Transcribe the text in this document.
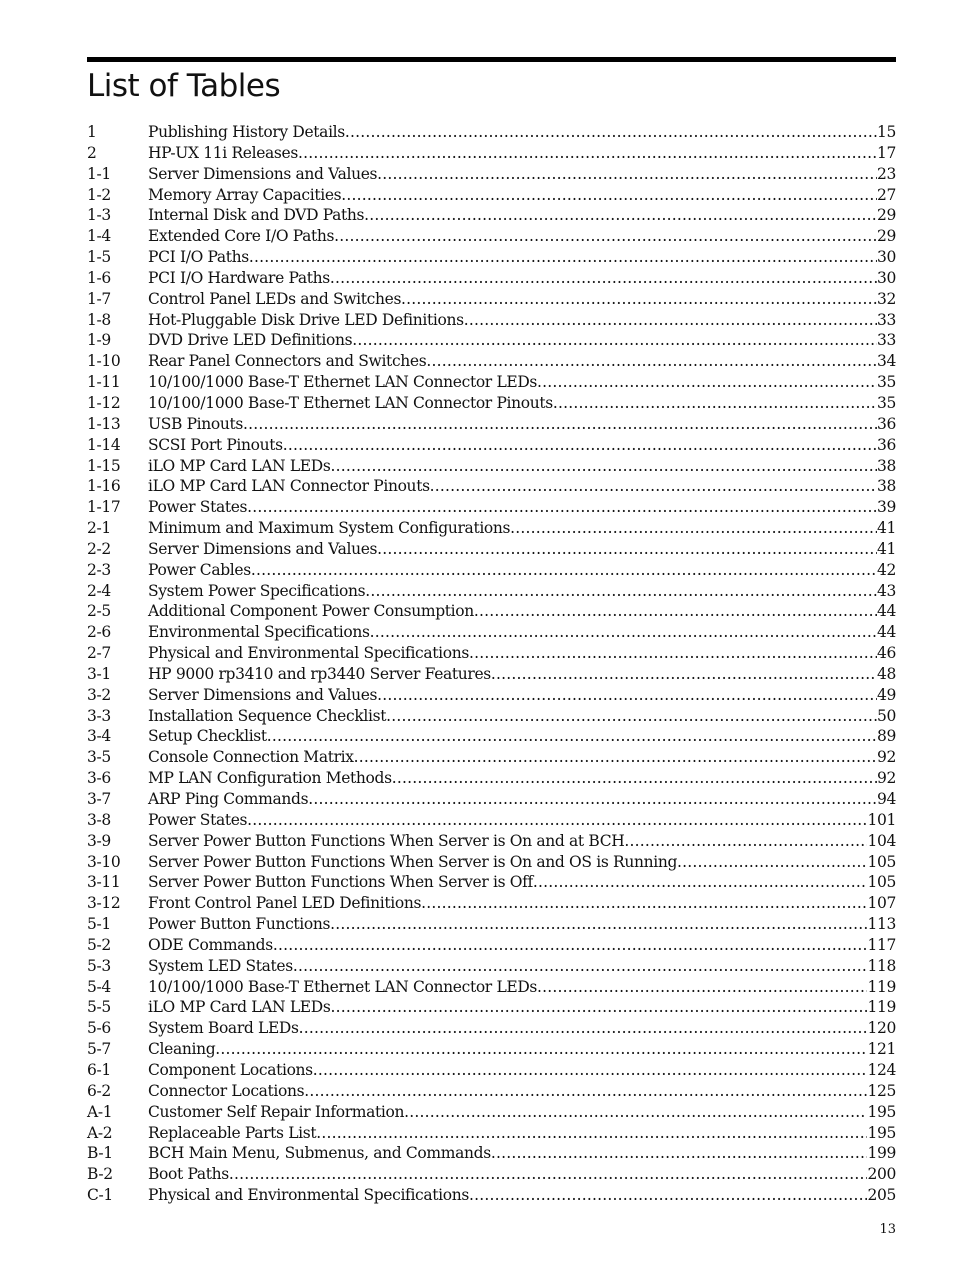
List of Tables
1	Publishing History Details .....	15
2	HP-UX 11i Releases .....	17
1-1	Server Dimensions and Values .....	23
1-2	Memory Array Capacities .....	27
1-3	Internal Disk and DVD Paths .....	29
1-4	Extended Core I/O Paths .....	29
1-5	PCI I/O Paths .....	30
1-6	PCI I/O Hardware Paths .....	30
1-7	Control Panel LEDs and Switches .....	32
1-8	Hot-Pluggable Disk Drive LED Definitions .....	33
1-9	DVD Drive LED Definitions .....	33
1-10	Rear Panel Connectors and Switches .....	34
1-11	10/100/1000 Base-T Ethernet LAN Connector LEDs .....	35
1-12	10/100/1000 Base-T Ethernet LAN Connector Pinouts .....	35
1-13	USB Pinouts .....	36
1-14	SCSI Port Pinouts .....	36
1-15	iLO MP Card LAN LEDs .....	38
1-16	iLO MP Card LAN Connector Pinouts .....	38
1-17	Power States .....	39
2-1	Minimum and Maximum System Configurations .....	41
2-2	Server Dimensions and Values .....	41
2-3	Power Cables .....	42
2-4	System Power Specifications .....	43
2-5	Additional Component Power Consumption .....	44
2-6	Environmental Specifications .....	44
2-7	Physical and Environmental Specifications .....	46
3-1	HP 9000 rp3410 and rp3440 Server Features .....	48
3-2	Server Dimensions and Values .....	49
3-3	Installation Sequence Checklist .....	50
3-4	Setup Checklist .....	89
3-5	Console Connection Matrix .....	92
3-6	MP LAN Configuration Methods .....	92
3-7	ARP Ping Commands .....	94
3-8	Power States .....	101
3-9	Server Power Button Functions When Server is On and at BCH .....	104
3-10	Server Power Button Functions When Server is On and OS is Running .....	105
3-11	Server Power Button Functions When Server is Off .....	105
3-12	Front Control Panel LED Definitions .....	107
5-1	Power Button Functions .....	113
5-2	ODE Commands .....	117
5-3	System LED States .....	118
5-4	10/100/1000 Base-T Ethernet LAN Connector LEDs .....	119
5-5	iLO MP Card LAN LEDs .....	119
5-6	System Board LEDs .....	120
5-7	Cleaning .....	121
6-1	Component Locations .....	124
6-2	Connector Locations .....	125
A-1	Customer Self Repair Information .....	195
A-2	Replaceable Parts List .....	195
B-1	BCH Main Menu, Submenus, and Commands .....	199
B-2	Boot Paths .....	200
C-1	Physical and Environmental Specifications .....	205
13
